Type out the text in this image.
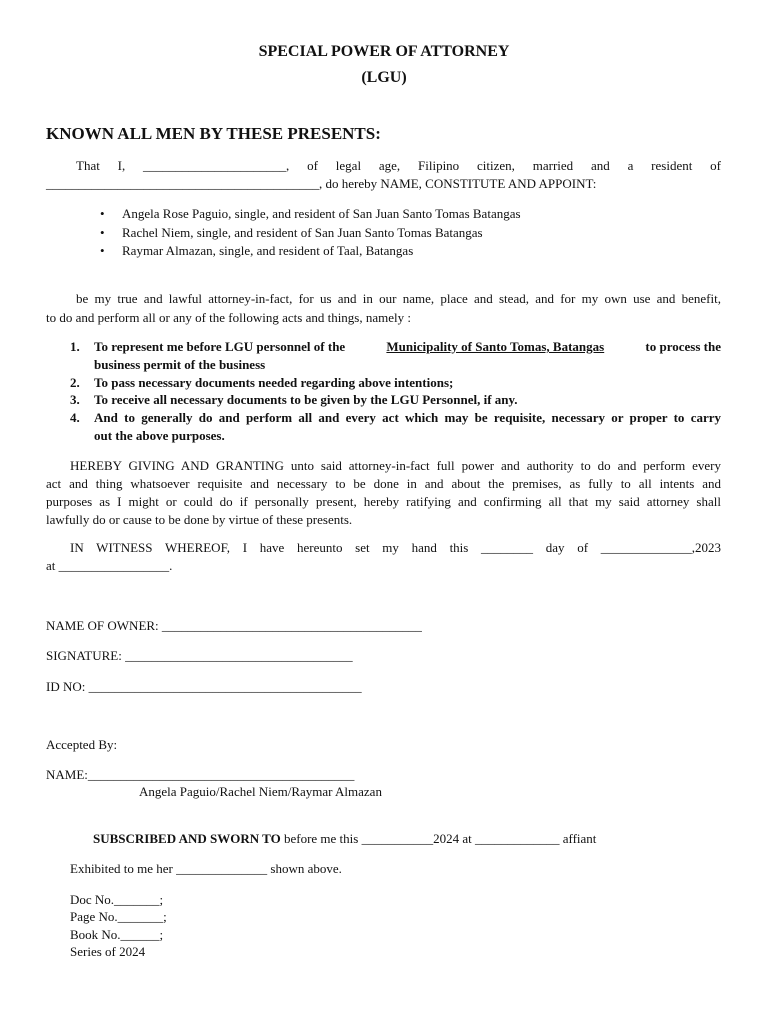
SPECIAL POWER OF ATTORNEY
(LGU)
KNOWN ALL MEN BY THESE PRESENTS:
That I, ______________________, of legal age, Filipino citizen, married and a resident of
__________________________________________, do hereby NAME, CONSTITUTE AND APPOINT:
• Angela Rose Paguio, single, and resident of San Juan Santo Tomas Batangas
• Rachel Niem, single, and resident of San Juan Santo Tomas Batangas
• Raymar Almazan, single, and resident of Taal, Batangas
be my true and lawful attorney-in-fact, for us and in our name, place and stead, and for my own use and benefit,
to do and perform all or any of the following acts and things, namely :
1. To represent me before LGU personnel of the	Municipality of Santo Tomas, Batangas	to process the
business permit of the business
2. To pass necessary documents needed regarding above intentions;
3. To receive all necessary documents to be given by the LGU Personnel, if any.
4. And to generally do and perform all and every act which may be requisite, necessary or proper to carry
out the above purposes.
HEREBY GIVING AND GRANTING unto said attorney-in-fact full power and authority to do and perform every
act and thing whatsoever requisite and necessary to be done in and about the premises, as fully to all intents and
purposes as I might or could do if personally present, hereby ratifying and confirming all that my said attorney shall
lawfully do or cause to be done by virtue of these presents.
IN WITNESS WHEREOF, I have hereunto set my hand this ________ day of ______________,2023
at _________________.
NAME OF OWNER: ________________________________________
SIGNATURE: ___________________________________
ID NO: __________________________________________
Accepted By:
NAME:_________________________________________
Angela Paguio/Rachel Niem/Raymar Almazan
SUBSCRIBED AND SWORN TO before me this ___________2024 at _____________ affiant
Exhibited to me her ______________ shown above.
Doc No._______;
Page No._______;
Book No.______;
Series of 2024
